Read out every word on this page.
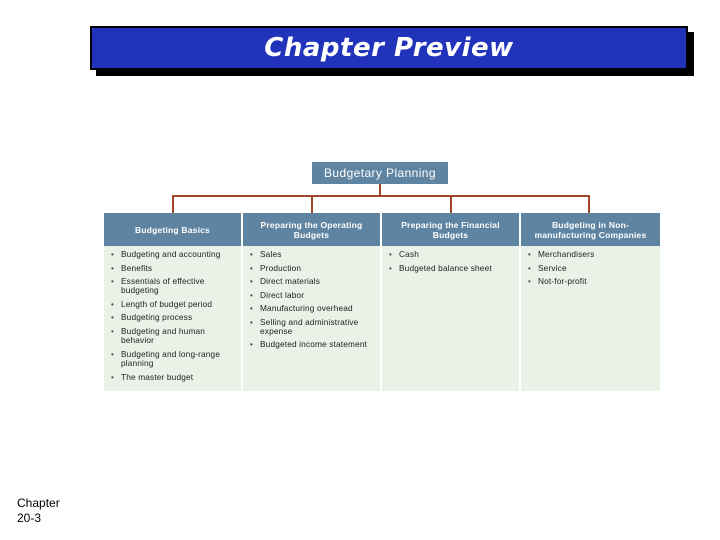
Chapter Preview
Budgetary Planning
Budgeting Basics
• Budgeting and accounting
• Benefits
• Essentials of effective budgeting
• Length of budget period
• Budgeting process
• Budgeting and human behavior
• Budgeting and long-range planning
• The master budget
Preparing the Operating Budgets
• Sales
• Production
• Direct materials
• Direct labor
• Manufacturing overhead
• Selling and administrative expense
• Budgeted income statement
Preparing the Financial Budgets
• Cash
• Budgeted balance sheet
Budgeting in Non-manufacturing Companies
• Merchandisers
• Service
• Not-for-profit
Chapter
20-3
